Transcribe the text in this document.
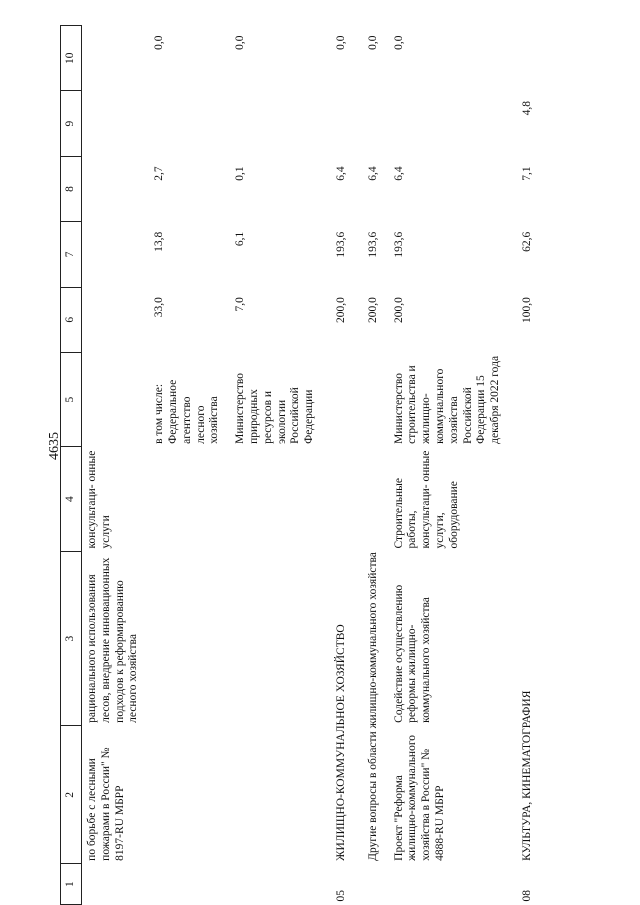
4635
1	2	3	4	5	6	7	8	9	10
	по борьбе с лесными пожарами в России" № 8197-RU МБРР	рационального использования лесов, внедрение инновационных подходов к реформированию лесного хозяйства	консультаци- онные услуги						
				в том числе: Федеральное агентство лесного хозяйства	33,0	13,8	2,7		0,0
				Министерство природных ресурсов и экологии Российской Федерации	7,0	6,1	0,1		0,0
05	ЖИЛИЩНО-КОММУНАЛЬНОЕ ХОЗЯЙСТВО				200,0	193,6	6,4		0,0
	Другие вопросы в области жилищно-коммунального хозяйства				200,0	193,6	6,4		0,0
	Проект "Реформа жилищно-коммунального хозяйства в России" № 4888-RU МБРР	Содействие осуществлению реформы жилищно-коммунального хозяйства	Строительные работы, консультаци- онные услуги, оборудование	Министерство строительства и жилищно-коммунального хозяйства Российской Федерации 15 декабря 2022 года	200,0	193,6	6,4		0,0
08	КУЛЬТУРА, КИНЕМАТОГРАФИЯ				100,0	62,6	7,1	4,8	
